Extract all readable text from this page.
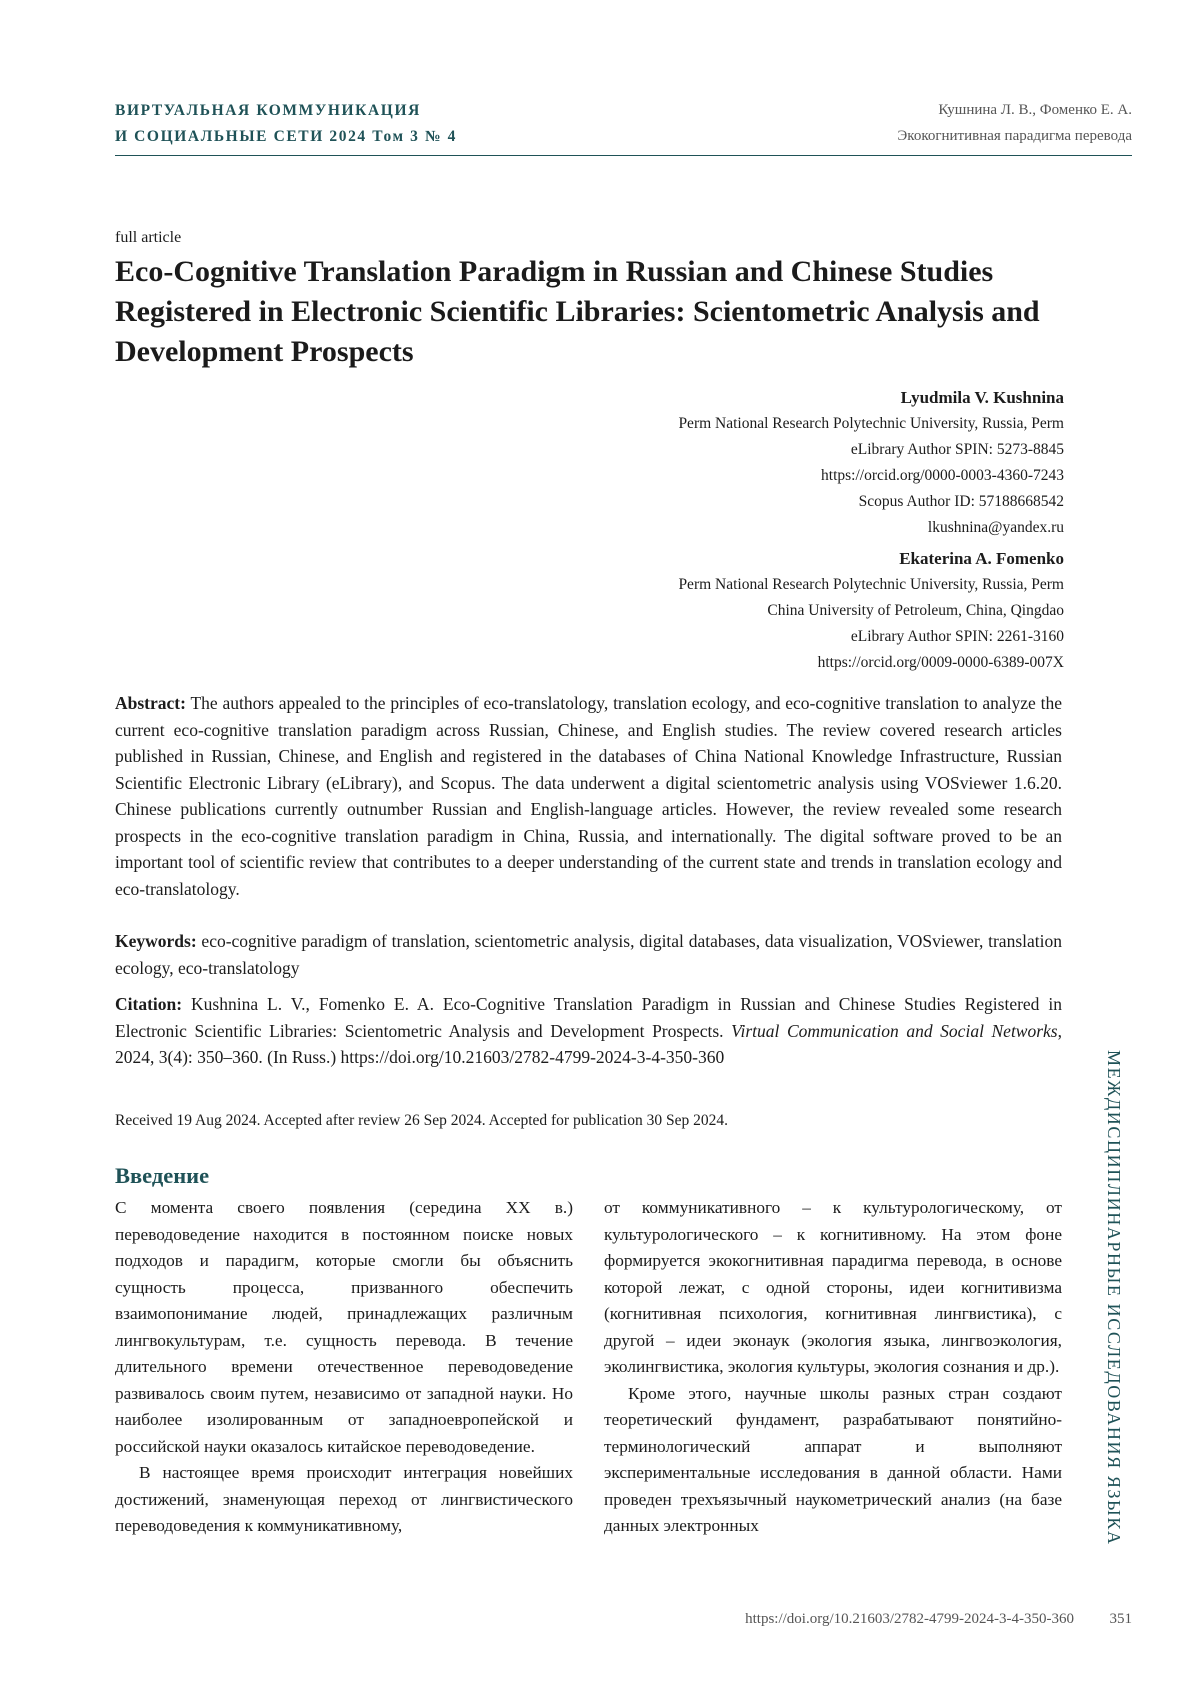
ВИРТУАЛЬНАЯ КОММУНИКАЦИЯ
И СОЦИАЛЬНЫЕ СЕТИ 2024 Том 3 № 4
Кушнина Л. В., Фоменко Е. А.
Экокогнитивная парадигма перевода
full article
Eco-Cognitive Translation Paradigm in Russian and Chinese Studies Registered in Electronic Scientific Libraries: Scientometric Analysis and Development Prospects
Lyudmila V. Kushnina
Perm National Research Polytechnic University, Russia, Perm
eLibrary Author SPIN: 5273-8845
https://orcid.org/0000-0003-4360-7243
Scopus Author ID: 57188668542
lkushnina@yandex.ru
Ekaterina A. Fomenko
Perm National Research Polytechnic University, Russia, Perm
China University of Petroleum, China, Qingdao
eLibrary Author SPIN: 2261-3160
https://orcid.org/0009-0000-6389-007X
Abstract: The authors appealed to the principles of eco-translatology, translation ecology, and eco-cognitive translation to analyze the current eco-cognitive translation paradigm across Russian, Chinese, and English studies. The review covered research articles published in Russian, Chinese, and English and registered in the databases of China National Knowledge Infrastructure, Russian Scientific Electronic Library (eLibrary), and Scopus. The data underwent a digital scientometric analysis using VOSviewer 1.6.20. Chinese publications currently outnumber Russian and English-language articles. However, the review revealed some research prospects in the eco-cognitive translation paradigm in China, Russia, and internationally. The digital software proved to be an important tool of scientific review that contributes to a deeper understanding of the current state and trends in translation ecology and eco-translatology.
Keywords: eco-cognitive paradigm of translation, scientometric analysis, digital databases, data visualization, VOSviewer, translation ecology, eco-translatology
Citation: Kushnina L. V., Fomenko E. A. Eco-Cognitive Translation Paradigm in Russian and Chinese Studies Registered in Electronic Scientific Libraries: Scientometric Analysis and Development Prospects. Virtual Communication and Social Networks, 2024, 3(4): 350–360. (In Russ.) https://doi.org/10.21603/2782-4799-2024-3-4-350-360
Received 19 Aug 2024. Accepted after review 26 Sep 2024. Accepted for publication 30 Sep 2024.
Введение

С момента своего появления (середина XX в.) переводоведение находится в постоянном поиске новых подходов и парадигм, которые смогли бы объяснить сущность процесса, призванного обеспечить взаимопонимание людей, принадлежащих различным лингвокультурам, т.е. сущность перевода. В течение длительного времени отечественное переводоведение развивалось своим путем, независимо от западной науки. Но наиболее изолированным от западноевропейской и российской науки оказалось китайское переводоведение.

В настоящее время происходит интеграция новейших достижений, знаменующая переход от лингвистического переводоведения к коммуникативному,

от коммуникативного – к культурологическому, от культурологического – к когнитивному. На этом фоне формируется экокогнитивная парадигма перевода, в основе которой лежат, с одной стороны, идеи когнитивизма (когнитивная психология, когнитивная лингвистика), с другой – идеи эконаук (экология языка, лингвоэкология, эколингвистика, экология культуры, экология сознания и др.).

Кроме этого, научные школы разных стран создают теоретический фундамент, разрабатывают понятийно-терминологический аппарат и выполняют экспериментальные исследования в данной области. Нами проведен трехъязычный наукометрический анализ (на базе данных электронных	МЕЖДИСЦИПЛИНАРНЫЕ ИССЛЕДОВАНИЯ ЯЗЫКА
https://doi.org/10.21603/2782-4799-2024-3-4-350-360 351
